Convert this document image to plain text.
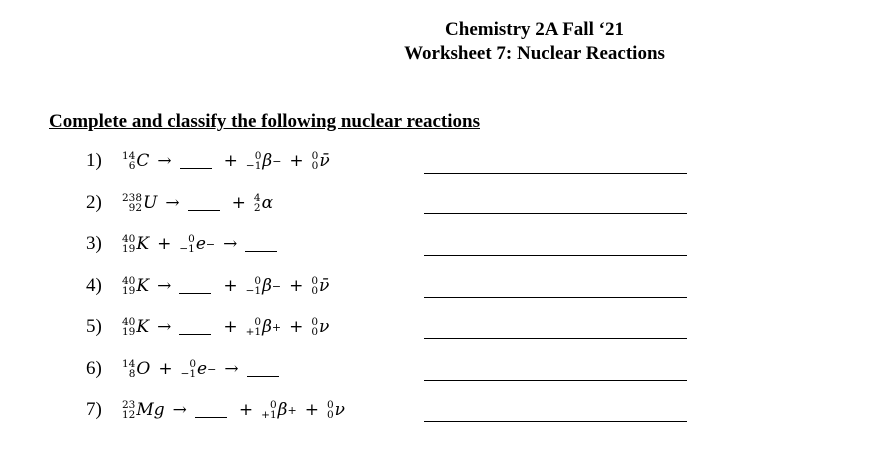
Chemistry 2A Fall ‘21
Worksheet 7: Nuclear Reactions
Complete and classify the following nuclear reactions
1)	14
6 C →	+ 0
−1 β − + 0
0 ν̄
2)	238
92 U →	+ 4
2 α
3)	40
19 K + 0
−1 e − →
4)	40
19 K →	+ 0
−1 β − + 0
0 ν̄
5)	40
19 K →	+ 0
+1 β + + 0
0 ν
6)	14
8 O + 0
−1 e − →
7)	23
12 Mg →	+ 0
+1 β + + 0
0 ν
